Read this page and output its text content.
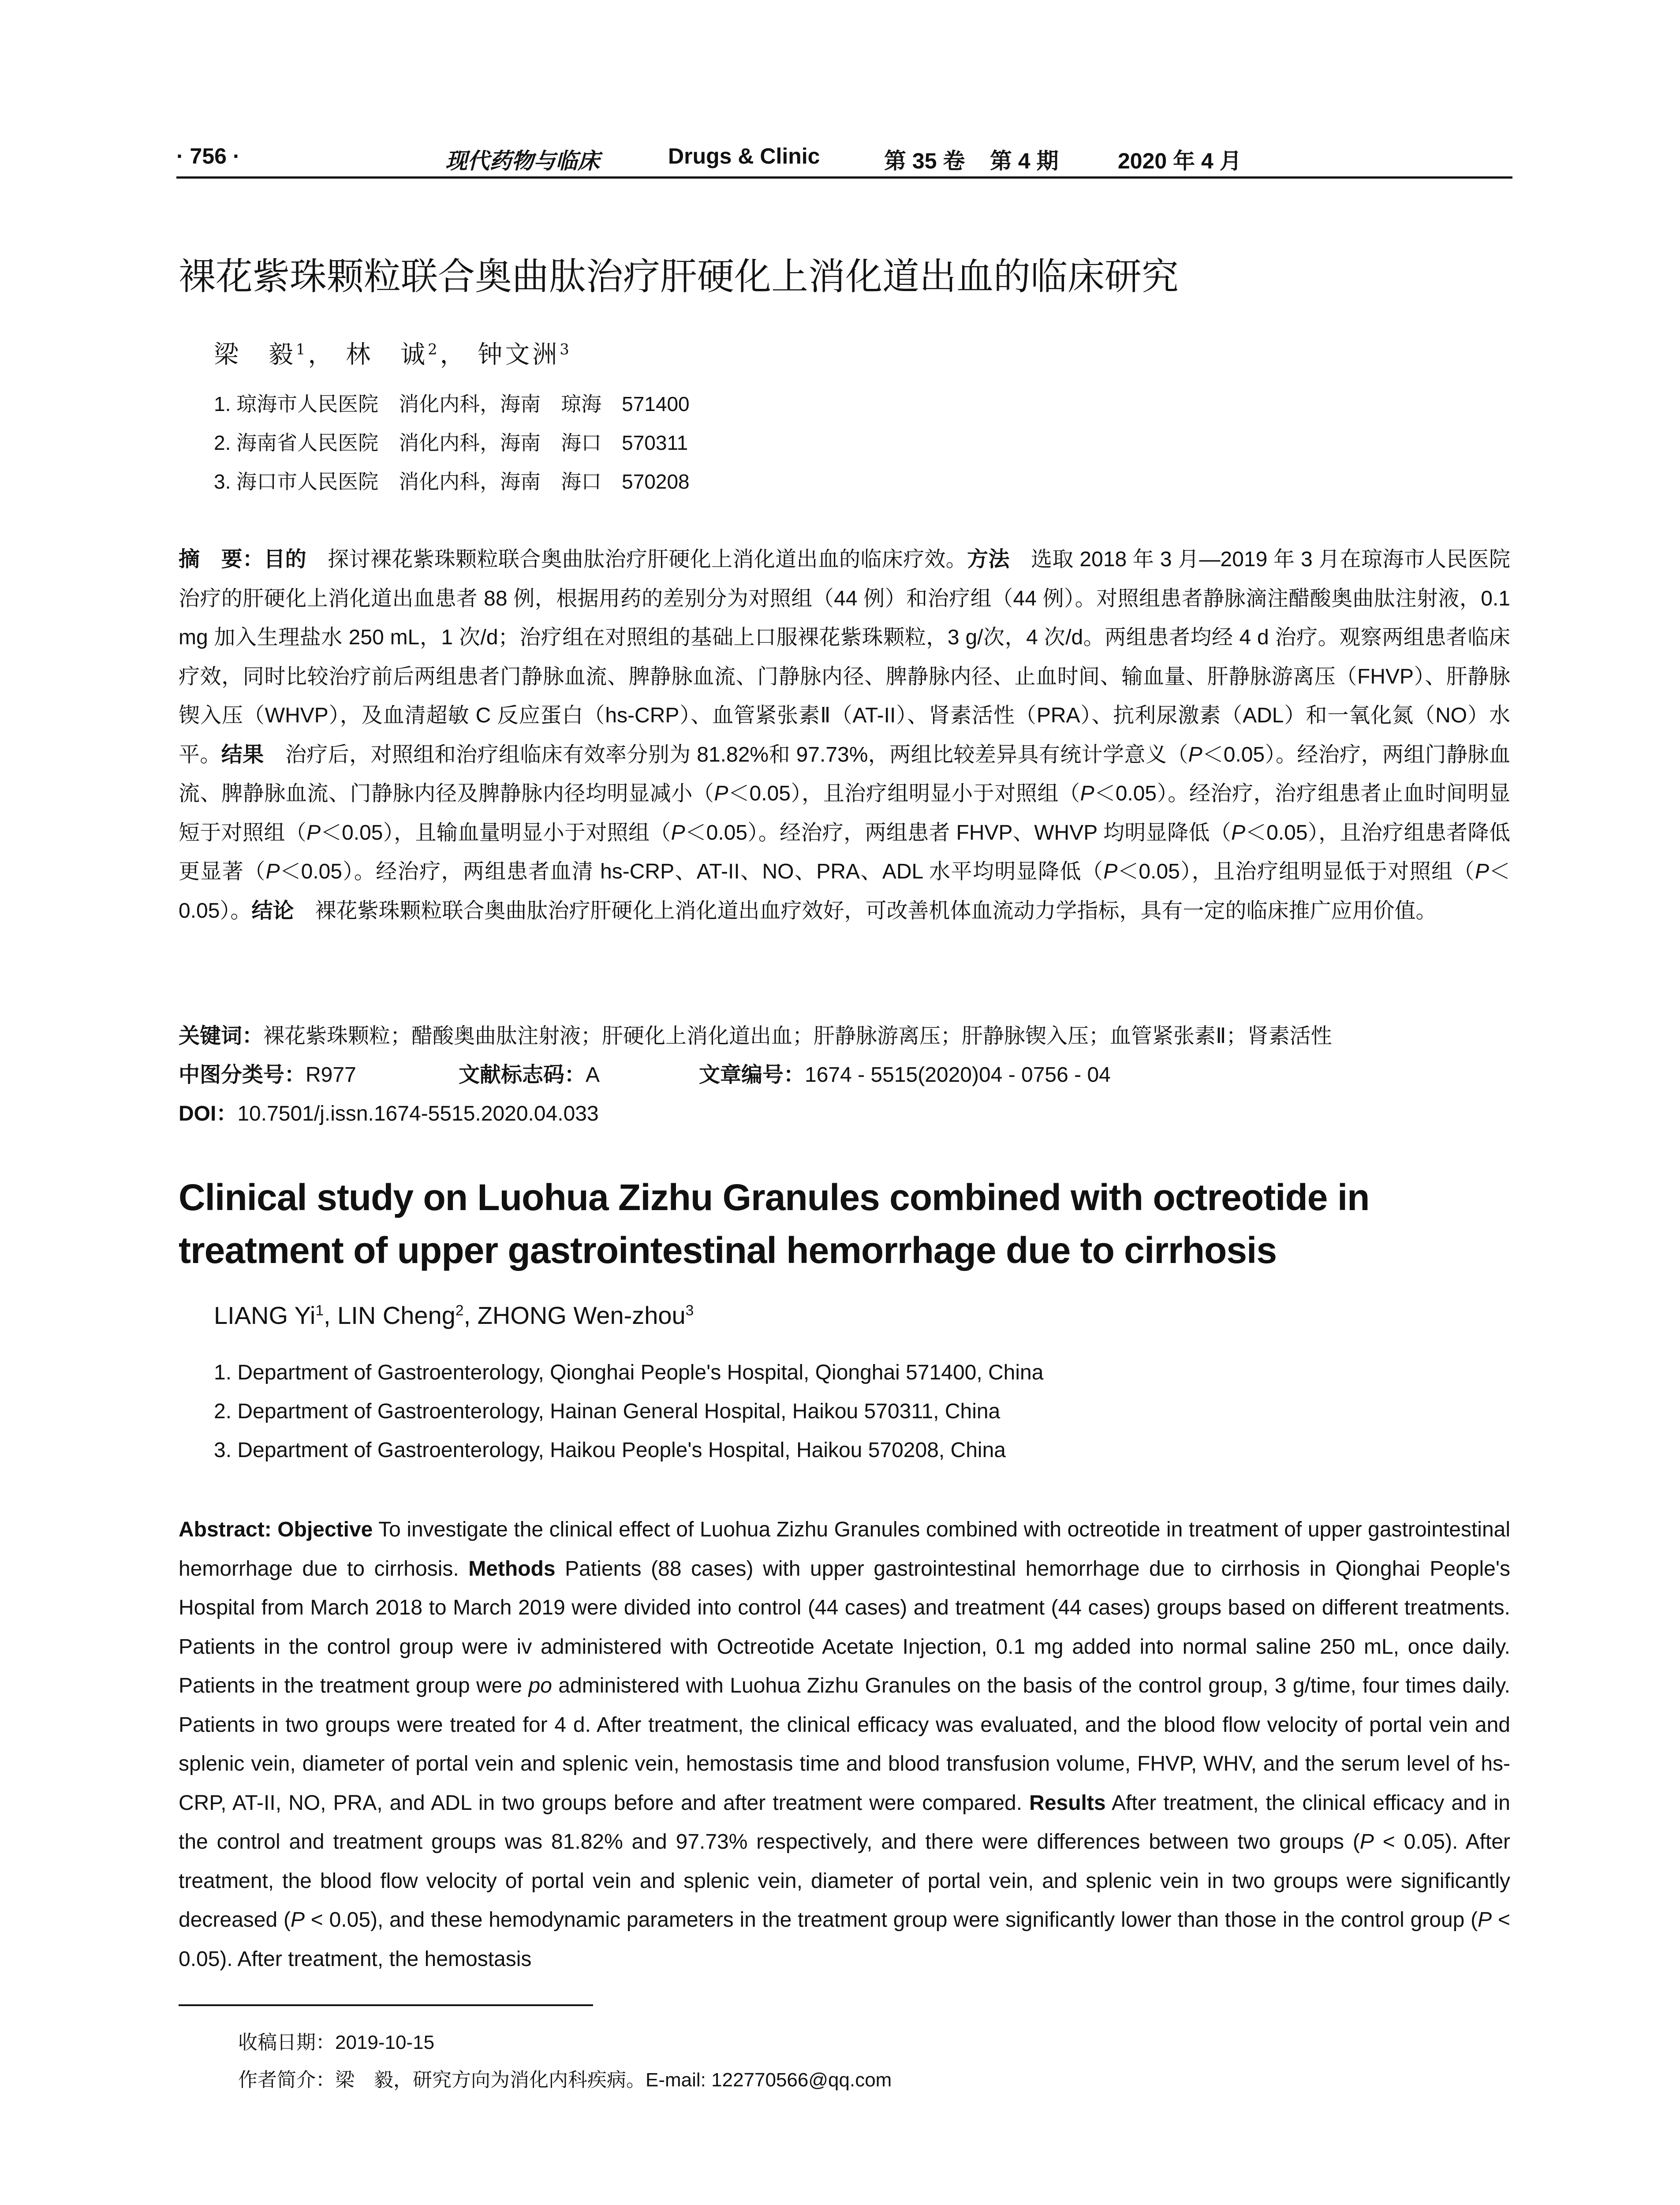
· 756 ·	现代药物与临床	Drugs & Clinic	第 35 卷 第 4 期	2020 年 4 月
裸花紫珠颗粒联合奥曲肽治疗肝硬化上消化道出血的临床研究
梁　毅$^1$， 林　诚$^2$， 钟文洲$^3$
1. 琼海市人民医院　消化内科，海南　琼海　571400
2. 海南省人民医院　消化内科，海南　海口　570311
3. 海口市人民医院　消化内科，海南　海口　570208

摘　要：目的　探讨裸花紫珠颗粒联合奥曲肽治疗肝硬化上消化道出血的临床疗效。方法　选取 2018 年 3 月—2019 年 3 月在琼海市人民医院治疗的肝硬化上消化道出血患者 88 例，根据用药的差别分为对照组（44 例）和治疗组（44 例）。对照组患者静脉滴注醋酸奥曲肽注射液，0.1 mg 加入生理盐水 250 mL，1 次/d；治疗组在对照组的基础上口服裸花紫珠颗粒，3 g/次，4 次/d。两组患者均经 4 d 治疗。观察两组患者临床疗效，同时比较治疗前后两组患者门静脉血流、脾静脉血流、门静脉内径、脾静脉内径、止血时间、输血量、肝静脉游离压（FHVP）、肝静脉锲入压（WHVP），及血清超敏 C 反应蛋白（hs-CRP）、血管紧张素Ⅱ（AT-II）、肾素活性（PRA）、抗利尿激素（ADL）和一氧化氮（NO）水平。结果　治疗后，对照组和治疗组临床有效率分别为 81.82%和 97.73%，两组比较差异具有统计学意义（P＜0.05）。经治疗，两组门静脉血流、脾静脉血流、门静脉内径及脾静脉内径均明显减小（P＜0.05），且治疗组明显小于对照组（P＜0.05）。经治疗，治疗组患者止血时间明显短于对照组（P＜0.05），且输血量明显小于对照组（P＜0.05）。经治疗，两组患者 FHVP、WHVP 均明显降低（P＜0.05），且治疗组患者降低更显著（P＜0.05）。经治疗，两组患者血清 hs-CRP、AT-II、NO、PRA、ADL 水平均明显降低（P＜0.05），且治疗组明显低于对照组（P＜0.05）。结论　裸花紫珠颗粒联合奥曲肽治疗肝硬化上消化道出血疗效好，可改善机体血流动力学指标，具有一定的临床推广应用价值。

关键词：裸花紫珠颗粒；醋酸奥曲肽注射液；肝硬化上消化道出血；肝静脉游离压；肝静脉锲入压；血管紧张素Ⅱ；肾素活性
中图分类号：R977	文献标志码：A	文章编号：1674 - 5515(2020)04 - 0756 - 04
DOI：10.7501/j.issn.1674-5515.2020.04.033

Clinical study on Luohua Zizhu Granules combined with octreotide in treatment of upper gastrointestinal hemorrhage due to cirrhosis

LIANG Yi$^1$, LIN Cheng$^2$, ZHONG Wen-zhou$^3$
1. Department of Gastroenterology, Qionghai People's Hospital, Qionghai 571400, China
2. Department of Gastroenterology, Hainan General Hospital, Haikou 570311, China
3. Department of Gastroenterology, Haikou People's Hospital, Haikou 570208, China

Abstract: Objective To investigate the clinical effect of Luohua Zizhu Granules combined with octreotide in treatment of upper gastrointestinal hemorrhage due to cirrhosis. Methods Patients (88 cases) with upper gastrointestinal hemorrhage due to cirrhosis in Qionghai People's Hospital from March 2018 to March 2019 were divided into control (44 cases) and treatment (44 cases) groups based on different treatments. Patients in the control group were iv administered with Octreotide Acetate Injection, 0.1 mg added into normal saline 250 mL, once daily. Patients in the treatment group were po administered with Luohua Zizhu Granules on the basis of the control group, 3 g/time, four times daily. Patients in two groups were treated for 4 d. After treatment, the clinical efficacy was evaluated, and the blood flow velocity of portal vein and splenic vein, diameter of portal vein and splenic vein, hemostasis time and blood transfusion volume, FHVP, WHV, and the serum level of hs-CRP, AT-II, NO, PRA, and ADL in two groups before and after treatment were compared. Results After treatment, the clinical efficacy and in the control and treatment groups was 81.82% and 97.73% respectively, and there were differences between two groups (P < 0.05). After treatment, the blood flow velocity of portal vein and splenic vein, diameter of portal vein, and splenic vein in two groups were significantly decreased (P < 0.05), and these hemodynamic parameters in the treatment group were significantly lower than those in the control group (P < 0.05). After treatment, the hemostasis

收稿日期：2019-10-15
作者简介：梁　毅，研究方向为消化内科疾病。E-mail: 122770566@qq.com
